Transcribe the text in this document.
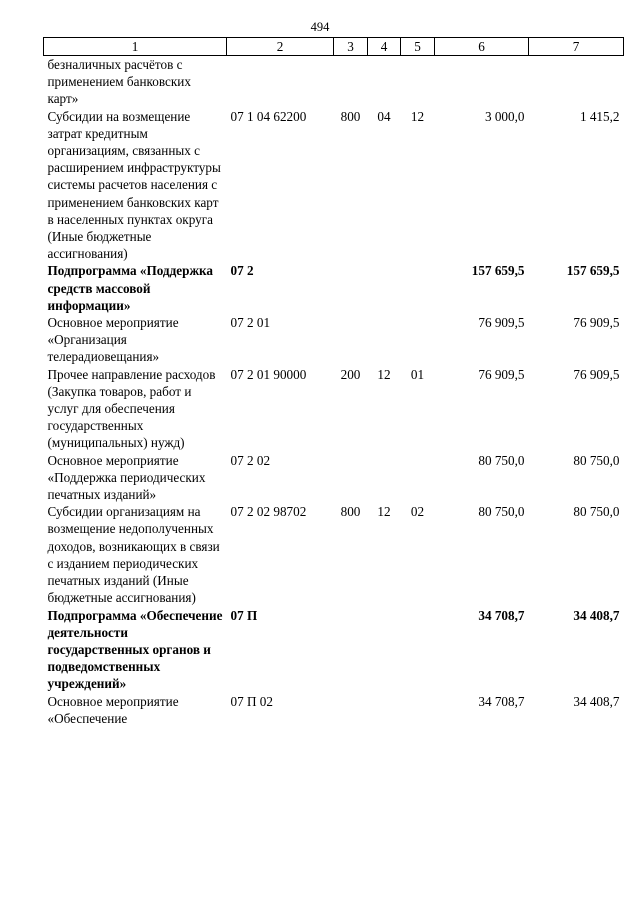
494
1	2	3	4	5	6	7
безналичных расчётов с применением банковских карт»						
Субсидии на возмещение затрат кредитным организациям, связанных с расширением инфраструктуры системы расчетов населения с применением банковских карт в населенных пунктах округа (Иные бюджетные ассигнования)	07 1 04 62200	800	04	12	3 000,0	1 415,2
Подпрограмма «Поддержка средств массовой информации»	07 2				157 659,5	157 659,5
Основное мероприятие «Организация телерадиовещания»	07 2 01				76 909,5	76 909,5
Прочее направление расходов (Закупка товаров, работ и услуг для обеспечения государственных (муниципальных) нужд)	07 2 01 90000	200	12	01	76 909,5	76 909,5
Основное мероприятие «Поддержка периодических печатных изданий»	07 2 02				80 750,0	80 750,0
Субсидии организациям на возмещение недополученных доходов, возникающих в связи с изданием периодических печатных изданий (Иные бюджетные ассигнования)	07 2 02 98702	800	12	02	80 750,0	80 750,0
Подпрограмма «Обеспечение деятельности государственных органов и подведомственных учреждений»	07 П				34 708,7	34 408,7
Основное мероприятие «Обеспечение	07 П 02				34 708,7	34 408,7
